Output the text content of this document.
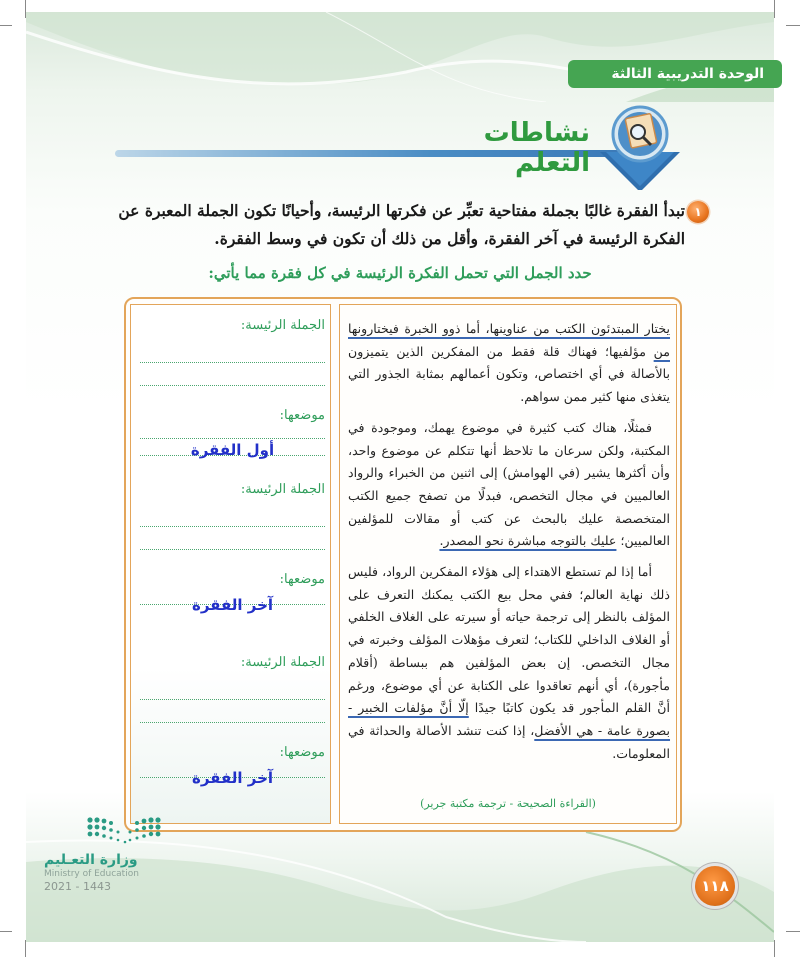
الوحدة التدريبية الثالثة
نشاطات التعلم
١
تبدأ الفقرة غالبًا بجملة مفتاحية تعبِّر عن فكرتها الرئيسة، وأحيانًا تكون الجملة المعبرة عن الفكرة الرئيسة في آخر الفقرة، وأقل من ذلك أن تكون في وسط الفقرة.
حدد الجمل التي تحمل الفكرة الرئيسة في كل فقرة مما يأتي:

يختار المبتدئون الكتب من عناوينها، أما ذوو الخبرة فيختارونها من مؤلفيها؛ فهناك قلة فقط من المفكرين الذين يتميزون بالأصالة في أي اختصاص، وتكون أعمالهم بمثابة الجذور التي يتغذى منها كثير ممن سواهم.

فمثلًا، هناك كتب كثيرة في موضوع يهمك، وموجودة في المكتبة، ولكن سرعان ما تلاحظ أنها تتكلم عن موضوع واحد، وأن أكثرها يشير (في الهوامش) إلى اثنين من الخبراء والرواد العالميين في مجال التخصص، فبدلًا من تصفح جميع الكتب المتخصصة عليك بالبحث عن كتب أو مقالات للمؤلفين العالميين؛ عليك بالتوجه مباشرة نحو المصدر.

أما إذا لم تستطع الاهتداء إلى هؤلاء المفكرين الرواد، فليس ذلك نهاية العالم؛ ففي محل بيع الكتب يمكنك التعرف على المؤلف بالنظر إلى ترجمة حياته أو سيرته على الغلاف الخلفي أو الغلاف الداخلي للكتاب؛ لتعرف مؤهلات المؤلف وخبرته في مجال التخصص. إن بعض المؤلفين هم ببساطة (أقلام مأجورة)، أي أنهم تعاقدوا على الكتابة عن أي موضوع، ورغم أنَّ القلم المأجور قد يكون كاتبًا جيدًا إلّا أنَّ مؤلفات الخبير - بصورة عامة - هي الأفضل، إذا كنت تنشد الأصالة والحداثة في المعلومات.

(القراءة الصحيحة - ترجمة مكتبة جرير)
الجملة الرئيسة:
موضعها:
أول الفقرة
الجملة الرئيسة:
موضعها:
آخر الفقرة
الجملة الرئيسة:
موضعها:
آخر الفقرة
وزارة التعـليم
Ministry of Education
2021 - 1443	١١٨
